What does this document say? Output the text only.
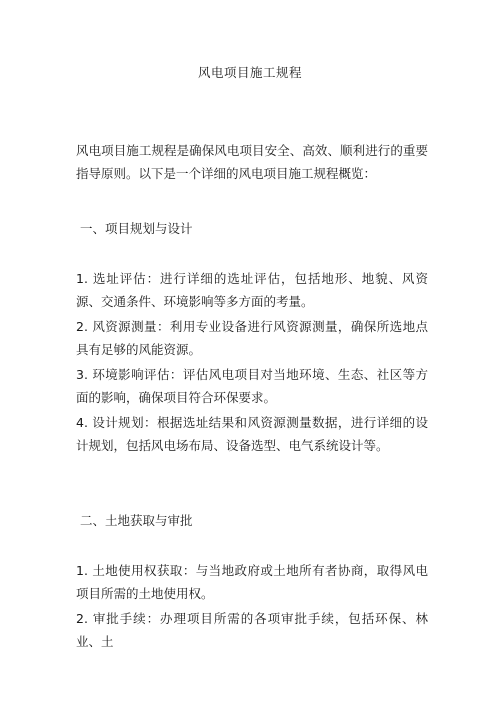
风电项目施工规程

风电项目施工规程是确保风电项目安全、高效、顺利进行的重要指导原则。以下是一个详细的风电项目施工规程概览：

一、项目规划与设计

1. 选址评估：进行详细的选址评估，包括地形、地貌、风资源、交通条件、环境影响等多方面的考量。

2. 风资源测量：利用专业设备进行风资源测量，确保所选地点具有足够的风能资源。

3. 环境影响评估：评估风电项目对当地环境、生态、社区等方面的影响，确保项目符合环保要求。

4. 设计规划：根据选址结果和风资源测量数据，进行详细的设计规划，包括风电场布局、设备选型、电气系统设计等。

二、土地获取与审批

1. 土地使用权获取：与当地政府或土地所有者协商，取得风电项目所需的土地使用权。

2. 审批手续：办理项目所需的各项审批手续，包括环保、林业、土
